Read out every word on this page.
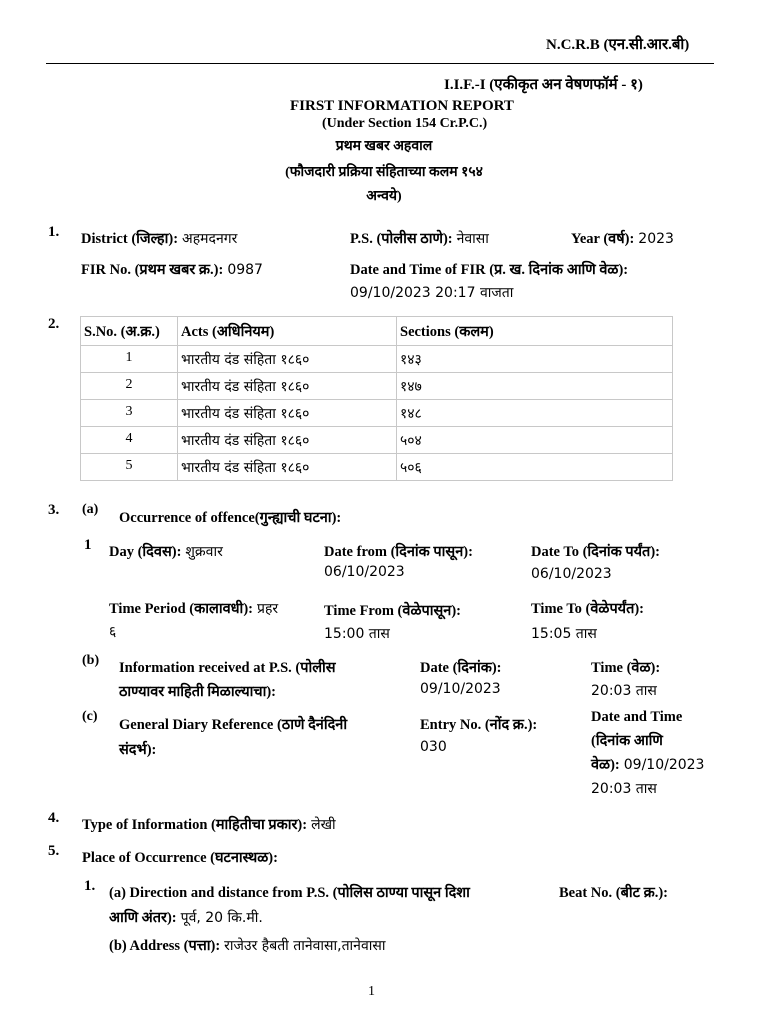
N.C.R.B (एन.सी.आर.बी)
I.I.F.-I (एकीकृत अन वेषणफॉर्म - १)
FIRST INFORMATION REPORT
(Under Section 154 Cr.P.C.)
प्रथम खबर अहवाल
(फौजदारी प्रक्रिया संहिताच्या कलम १५४
अन्वये)
1. District (जिल्हा): अहमदनगर	P.S. (पोलीस ठाणे): नेवासा	Year (वर्ष): 2023
FIR No. (प्रथम खबर क्र.): 0987	Date and Time of FIR (प्र. ख. दिनांक आणि वेळ):
09/10/2023 20:17 वाजता
2. S.No. (अ.क्र.)	Acts (अधिनियम)	Sections (कलम)
1	भारतीय दंड संहिता १८६०	१४३
2	भारतीय दंड संहिता १८६०	१४७
3	भारतीय दंड संहिता १८६०	१४८
4	भारतीय दंड संहिता १८६०	५०४
5	भारतीय दंड संहिता १८६०	५०६
3. (a)
Occurrence of offence(गुन्ह्याची घटना):
1 Day (दिवस): शुक्रवार	Date from (दिनांक पासून):
06/10/2023
Date To (दिनांक पर्यंत):
06/10/2023
Time Period (कालावधी): प्रहर
६
Time From (वेळेपासून):
15:00 तास
Time To (वेळेपर्यंत):
15:05 तास
(b) Information received at P.S. (पोलीस
ठाण्यावर माहिती मिळाल्याचा):
Date (दिनांक):
09/10/2023
Time (वेळ):
20:03 तास
(c)
General Diary Reference (ठाणे दैनंदिनी
संदर्भ):
Entry No. (नोंद क्र.):
030
Date and Time
(दिनांक आणि
वेळ): 09/10/2023
20:03 तास
4. Type of Information (माहितीचा प्रकार): लेखी
5. Place of Occurrence (घटनास्थळ):
1. (a) Direction and distance from P.S. (पोलिस ठाण्या पासून दिशा	Beat No. (बीट क्र.):
आणि अंतर): पूर्व, 20 कि.मी.
(b) Address (पत्ता): राजेउर हैबती तानेवासा,तानेवासा
1
